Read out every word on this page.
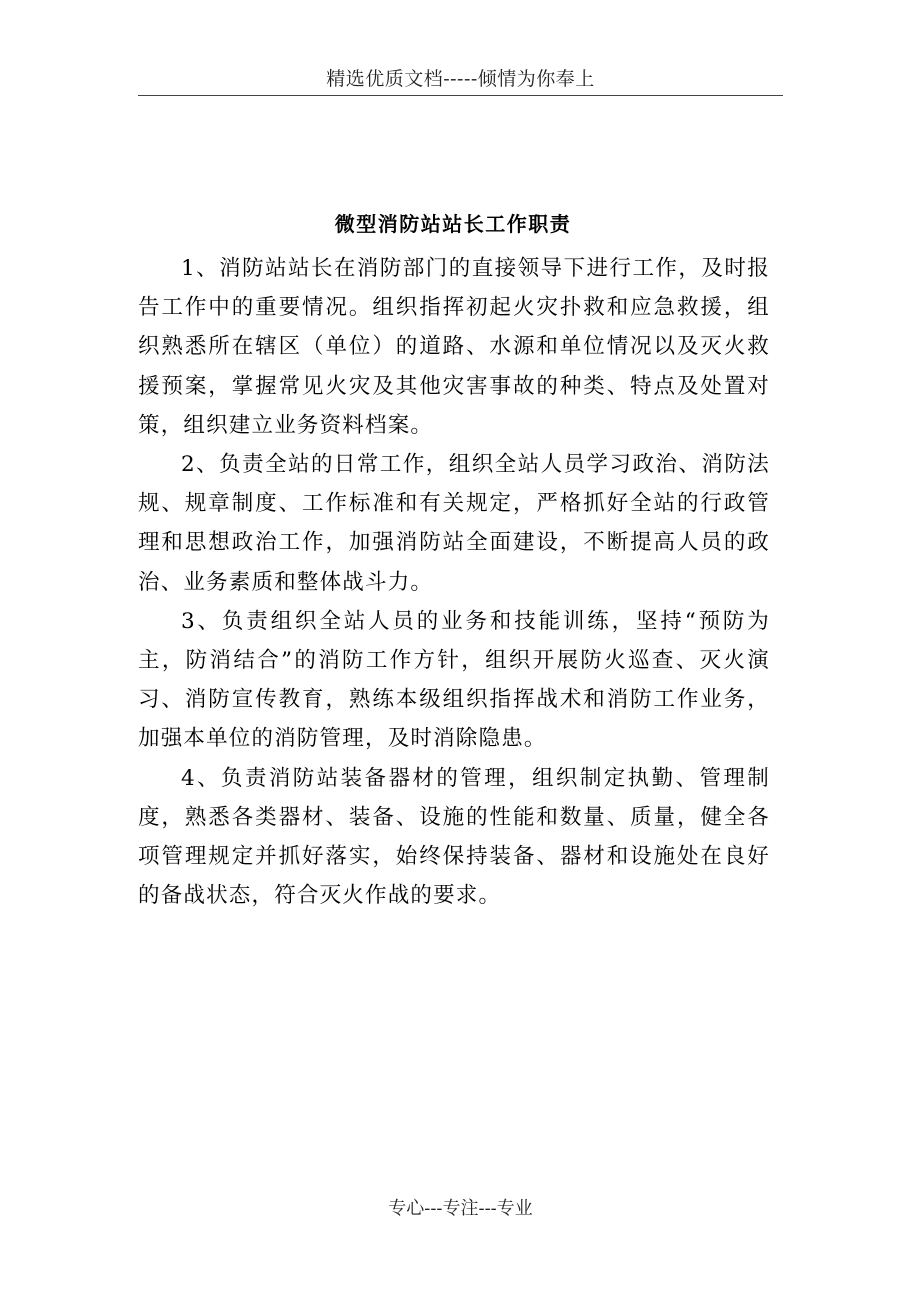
精选优质文档-----倾情为你奉上
微型消防站站长工作职责

1、消防站站长在消防部门的直接领导下进行工作，及时报告工作中的重要情况。组织指挥初起火灾扑救和应急救援，组织熟悉所在辖区（单位）的道路、水源和单位情况以及灭火救援预案，掌握常见火灾及其他灾害事故的种类、特点及处置对策，组织建立业务资料档案。

2、负责全站的日常工作，组织全站人员学习政治、消防法规、规章制度、工作标准和有关规定，严格抓好全站的行政管理和思想政治工作，加强消防站全面建设，不断提高人员的政治、业务素质和整体战斗力。

3、负责组织全站人员的业务和技能训练，坚持“预防为主，防消结合”的消防工作方针，组织开展防火巡查、灭火演习、消防宣传教育，熟练本级组织指挥战术和消防工作业务，加强本单位的消防管理，及时消除隐患。

4、负责消防站装备器材的管理，组织制定执勤、管理制度，熟悉各类器材、装备、设施的性能和数量、质量，健全各项管理规定并抓好落实，始终保持装备、器材和设施处在良好的备战状态，符合灭火作战的要求。

专心---专注---专业
